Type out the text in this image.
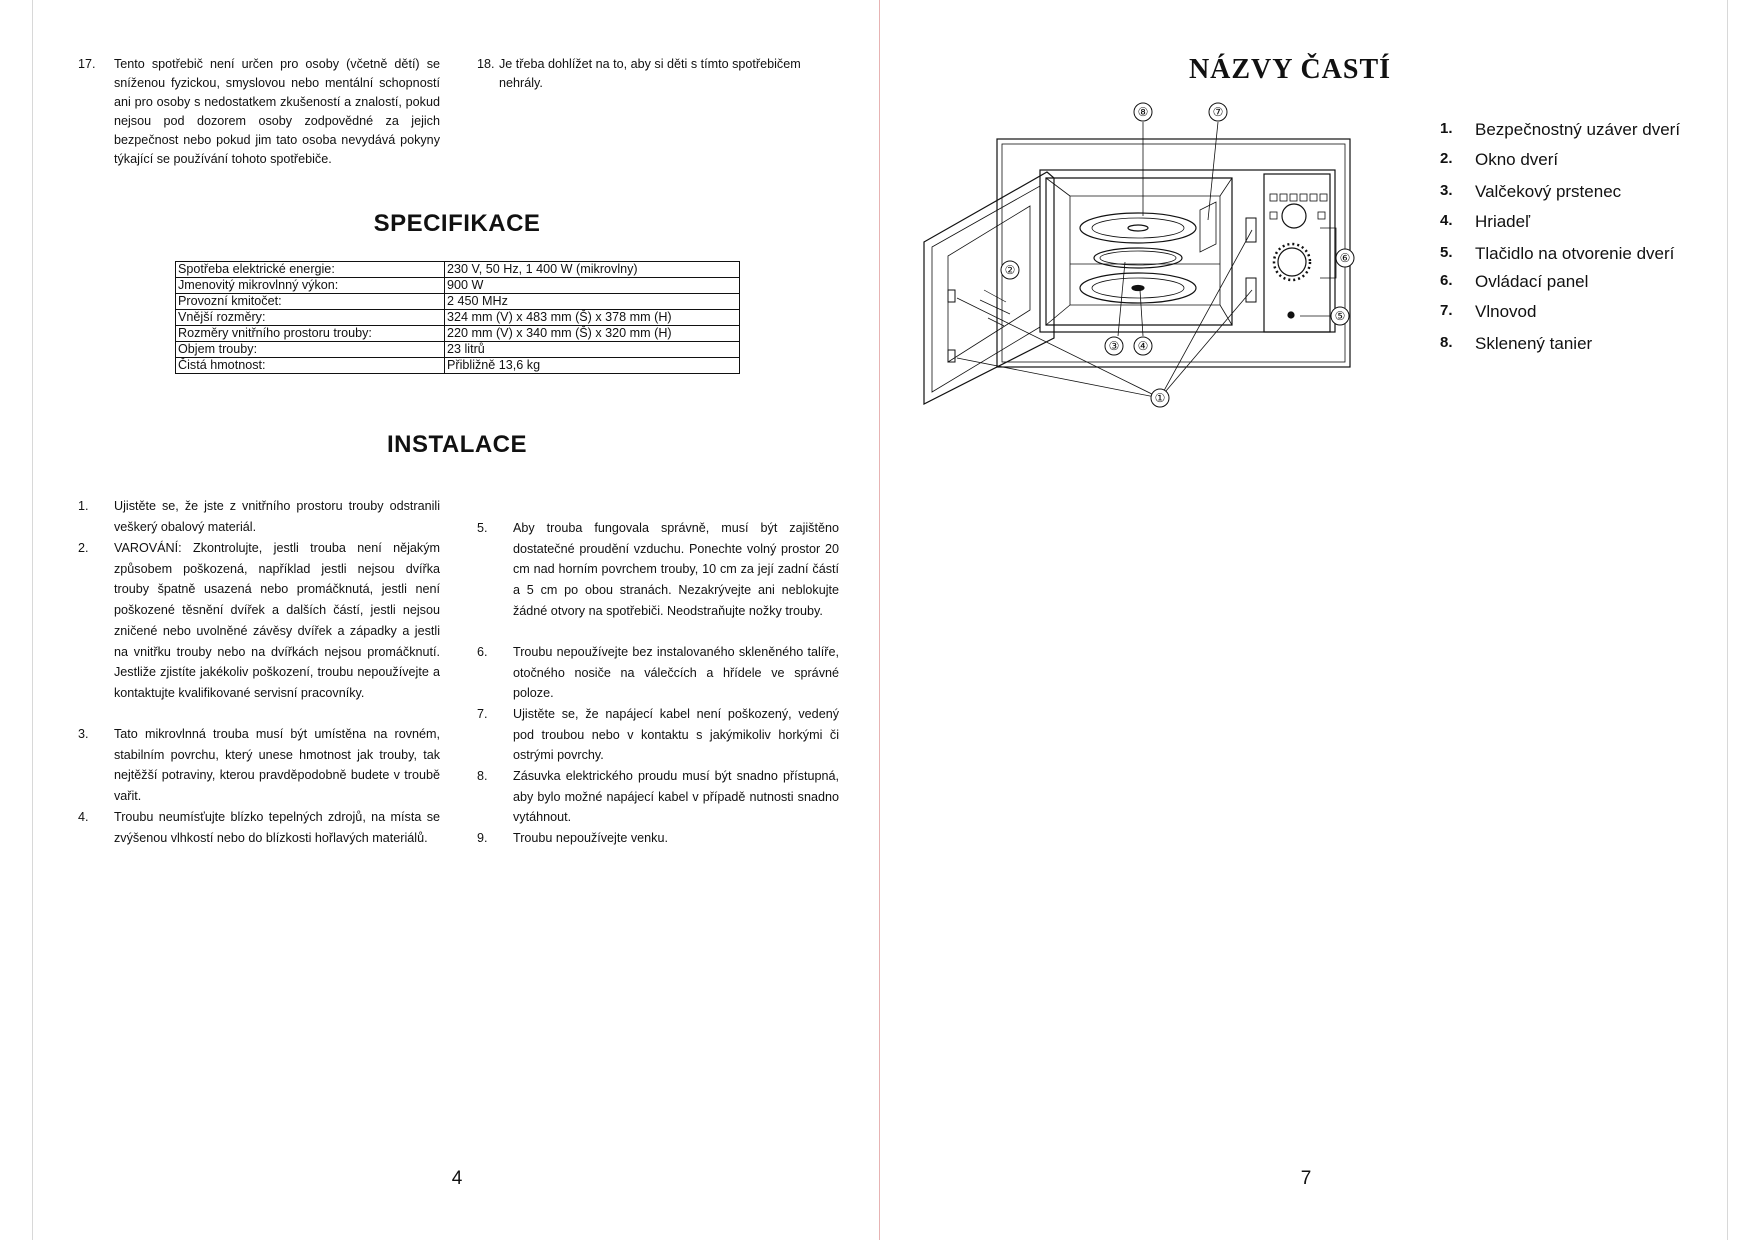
17. Tento spotřebič není určen pro osoby (včetně dětí) se sníženou fyzickou, smyslovou nebo mentální schopností ani pro osoby s nedostatkem zkušeností a znalostí, pokud nejsou pod dozorem osoby zodpovědné za jejich bezpečnost nebo pokud jim tato osoba nevydává pokyny týkající se používání tohoto spotřebiče.
18. Je třeba dohlížet na to, aby si děti s tímto spotřebičem nehrály.
SPECIFIKACE
Spotřeba elektrické energie:	230 V, 50 Hz, 1 400 W (mikrovlny)
Jmenovitý mikrovlnný výkon:	900 W
Provozní kmitočet:	2 450 MHz
Vnější rozměry:	324 mm (V) x 483 mm (Š) x 378 mm (H)
Rozměry vnitřního prostoru trouby:	220 mm (V) x 340 mm (Š) x 320 mm (H)
Objem trouby:	23 litrů
Čistá hmotnost:	Přibližně 13,6 kg
INSTALACE
1. Ujistěte se, že jste z vnitřního prostoru trouby odstranili veškerý obalový materiál.
2. VAROVÁNÍ: Zkontrolujte, jestli trouba není nějakým způsobem poškozená, například jestli nejsou dvířka trouby špatně usazená nebo promáčknutá, jestli není poškozené těsnění dvířek a dalších částí, jestli nejsou zničené nebo uvolněné závěsy dvířek a západky a jestli na vnitřku trouby nebo na dvířkách nejsou promáčknutí. Jestliže zjistíte jakékoliv poškození, troubu nepoužívejte a kontaktujte kvalifikované servisní pracovníky.
3. Tato mikrovlnná trouba musí být umístěna na rovném, stabilním povrchu, který unese hmotnost jak trouby, tak nejtěžší potraviny, kterou pravděpodobně budete v troubě vařit.
4. Troubu neumísťujte blízko tepelných zdrojů, na místa se zvýšenou vlhkostí nebo do blízkosti hořlavých materiálů.
5. Aby trouba fungovala správně, musí být zajištěno dostatečné proudění vzduchu. Ponechte volný prostor 20 cm nad horním povrchem trouby, 10 cm za její zadní částí a 5 cm po obou stranách. Nezakrývejte ani neblokujte žádné otvory na spotřebiči. Neodstraňujte nožky trouby.
6. Troubu nepoužívejte bez instalovaného skleněného talíře, otočného nosiče na válečcích a hřídele ve správné poloze.
7. Ujistěte se, že napájecí kabel není poškozený, vedený pod troubou nebo v kontaktu s jakýmikoliv horkými či ostrými povrchy.
8. Zásuvka elektrického proudu musí být snadno přístupná, aby bylo možné napájecí kabel v případě nutnosti snadno vytáhnout.
9. Troubu nepoužívejte venku.
4
NÁZVY ČASTÍ
⑧	⑦
②
③ ④
①
⑥
⑤
1. Bezpečnostný uzáver dverí
2. Okno dverí
3. Valčekový prstenec
4. Hriadeľ
5. Tlačidlo na otvorenie dverí
6. Ovládací panel
7. Vlnovod
8. Sklenený tanier
7
